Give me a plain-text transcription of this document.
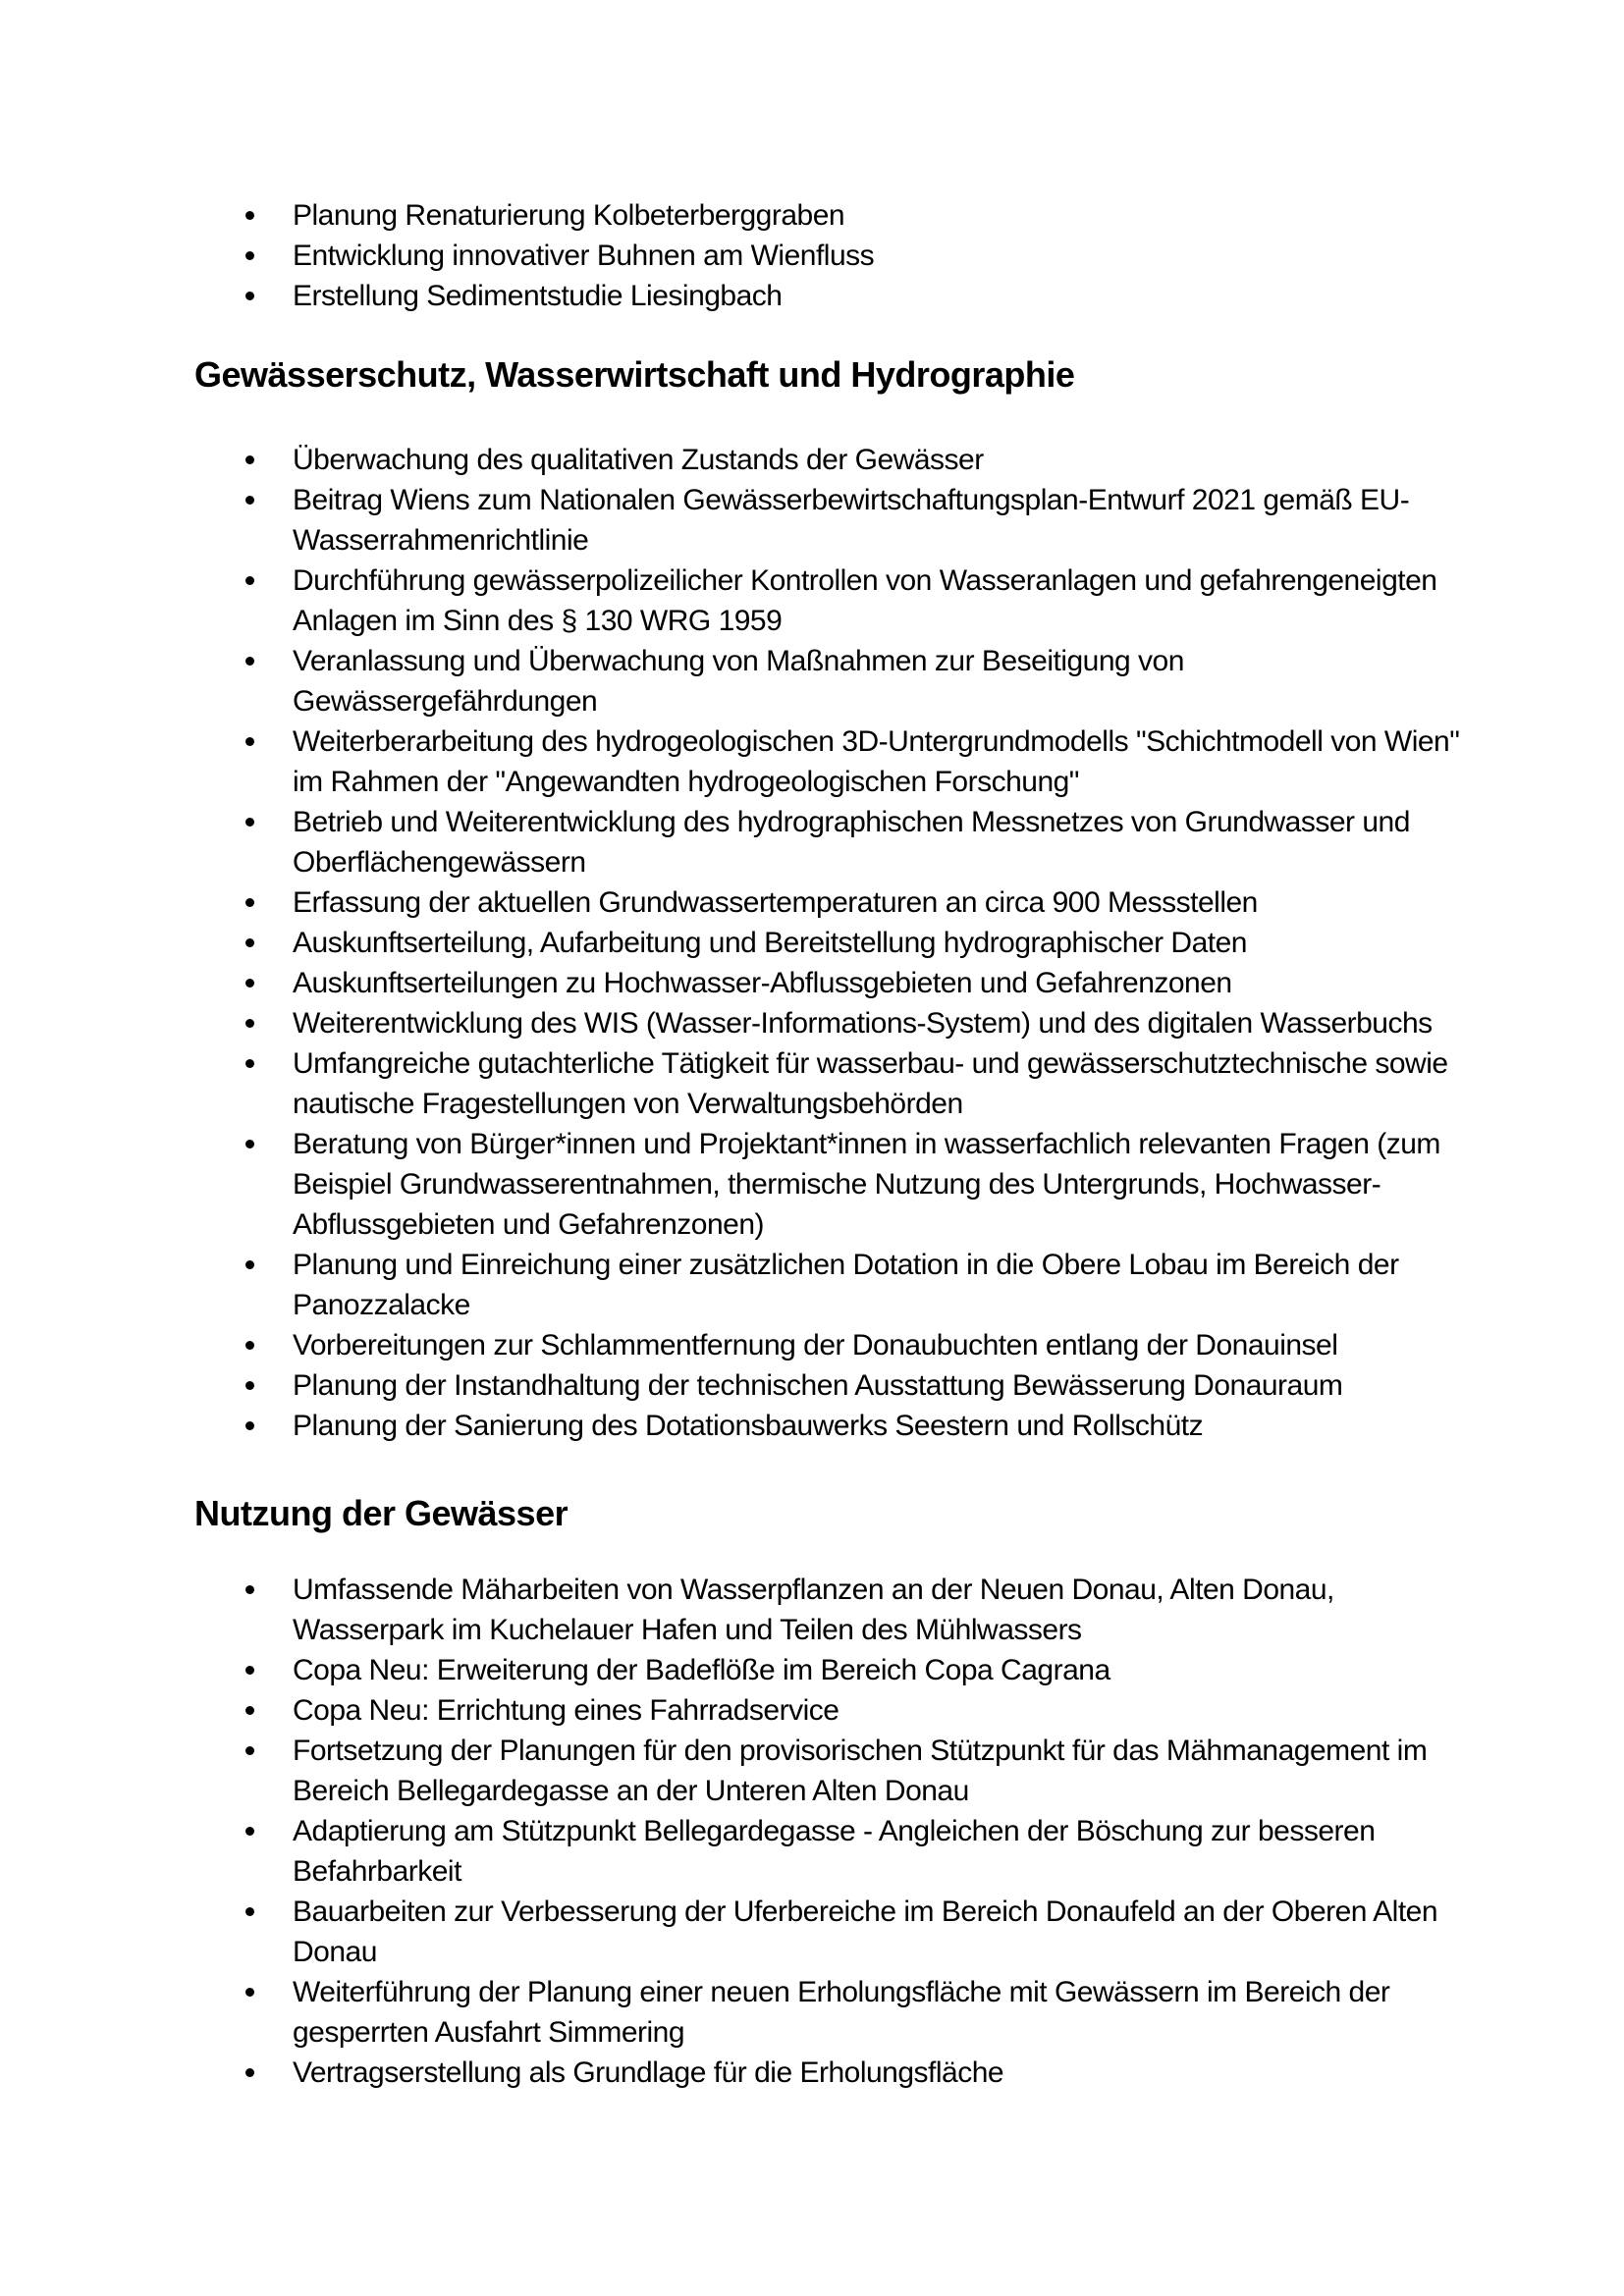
Planung Renaturierung Kolbeterberggraben
Entwicklung innovativer Buhnen am Wienfluss
Erstellung Sedimentstudie Liesingbach
Gewässerschutz, Wasserwirtschaft und Hydrographie
Überwachung des qualitativen Zustands der Gewässer
Beitrag Wiens zum Nationalen Gewässerbewirtschaftungsplan-Entwurf 2021 gemäß EU-Wasserrahmenrichtlinie
Durchführung gewässerpolizeilicher Kontrollen von Wasseranlagen und gefahrengeneigten Anlagen im Sinn des § 130 WRG 1959
Veranlassung und Überwachung von Maßnahmen zur Beseitigung von Gewässergefährdungen
Weiterberarbeitung des hydrogeologischen 3D-Untergrundmodells "Schichtmodell von Wien" im Rahmen der "Angewandten hydrogeologischen Forschung"
Betrieb und Weiterentwicklung des hydrographischen Messnetzes von Grundwasser und Oberflächengewässern
Erfassung der aktuellen Grundwassertemperaturen an circa 900 Messstellen
Auskunftserteilung, Aufarbeitung und Bereitstellung hydrographischer Daten
Auskunftserteilungen zu Hochwasser-Abflussgebieten und Gefahrenzonen
Weiterentwicklung des WIS (Wasser-Informations-System) und des digitalen Wasserbuchs
Umfangreiche gutachterliche Tätigkeit für wasserbau- und gewässerschutztechnische sowie nautische Fragestellungen von Verwaltungsbehörden
Beratung von Bürger*innen und Projektant*innen in wasserfachlich relevanten Fragen (zum Beispiel Grundwasserentnahmen, thermische Nutzung des Untergrunds, Hochwasser-Abflussgebieten und Gefahrenzonen)
Planung und Einreichung einer zusätzlichen Dotation in die Obere Lobau im Bereich der Panozzalacke
Vorbereitungen zur Schlammentfernung der Donaubuchten entlang der Donauinsel
Planung der Instandhaltung der technischen Ausstattung Bewässerung Donauraum
Planung der Sanierung des Dotationsbauwerks Seestern und Rollschütz
Nutzung der Gewässer
Umfassende Mäharbeiten von Wasserpflanzen an der Neuen Donau, Alten Donau, Wasserpark im Kuchelauer Hafen und Teilen des Mühlwassers
Copa Neu: Erweiterung der Badeflöße im Bereich Copa Cagrana
Copa Neu: Errichtung eines Fahrradservice
Fortsetzung der Planungen für den provisorischen Stützpunkt für das Mähmanagement im Bereich Bellegardegasse an der Unteren Alten Donau
Adaptierung am Stützpunkt Bellegardegasse - Angleichen der Böschung zur besseren Befahrbarkeit
Bauarbeiten zur Verbesserung der Uferbereiche im Bereich Donaufeld an der Oberen Alten Donau
Weiterführung der Planung einer neuen Erholungsfläche mit Gewässern im Bereich der gesperrten Ausfahrt Simmering
Vertragserstellung als Grundlage für die Erholungsfläche
